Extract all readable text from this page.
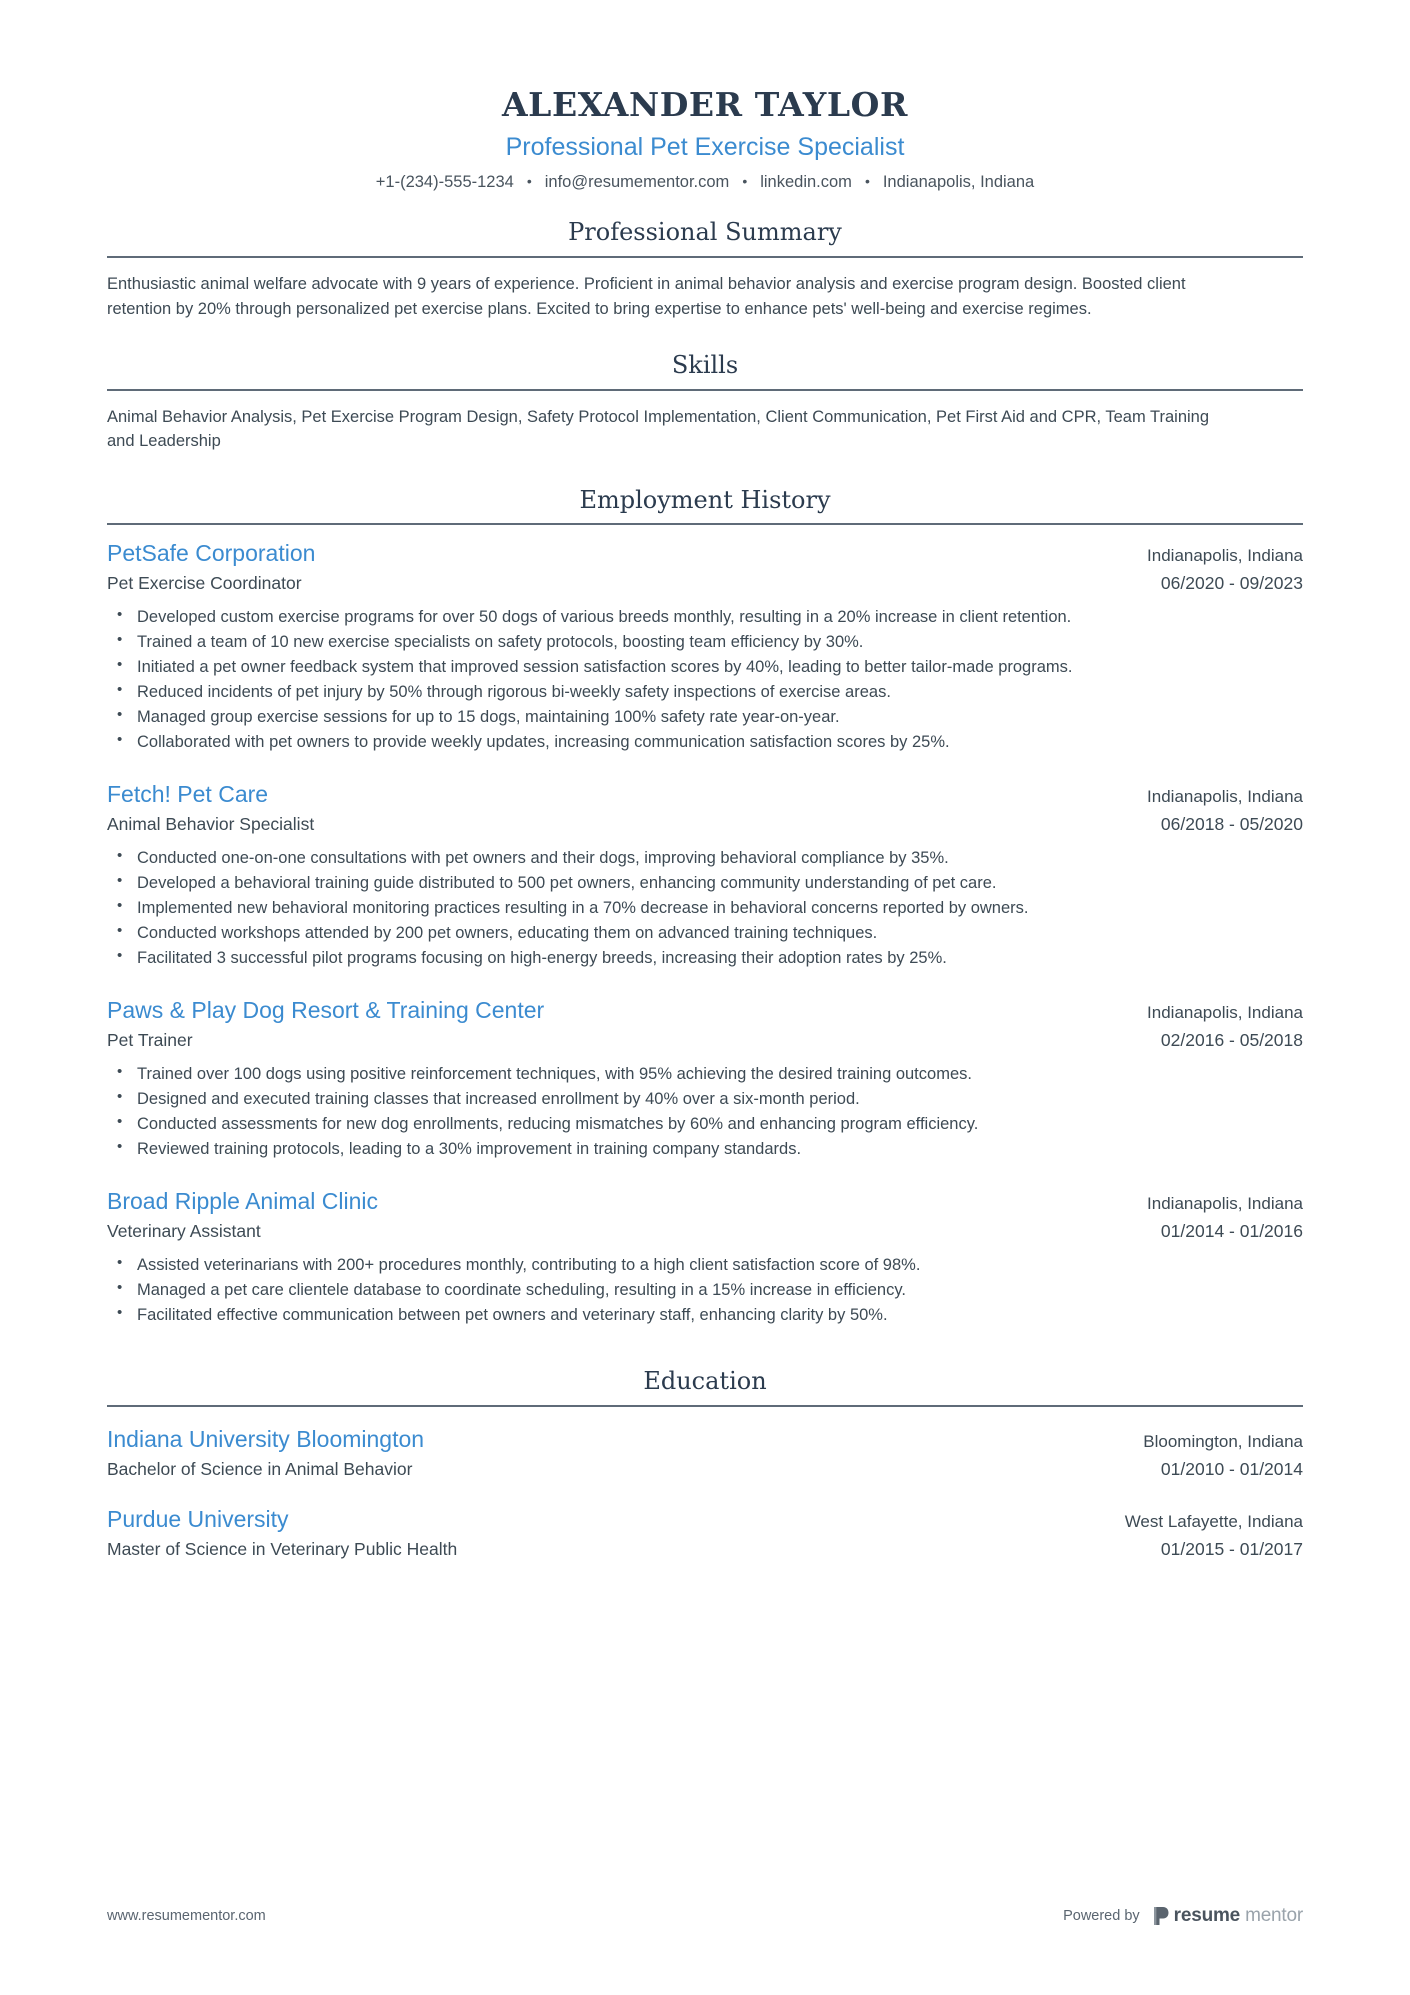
ALEXANDER TAYLOR
Professional Pet Exercise Specialist
+1-(234)-555-1234 • info@resumementor.com • linkedin.com • Indianapolis, Indiana
Professional Summary
Enthusiastic animal welfare advocate with 9 years of experience. Proficient in animal behavior analysis and exercise program design. Boosted client retention by 20% through personalized pet exercise plans. Excited to bring expertise to enhance pets' well-being and exercise regimes.
Skills
Animal Behavior Analysis, Pet Exercise Program Design, Safety Protocol Implementation, Client Communication, Pet First Aid and CPR, Team Training and Leadership
Employment History
PetSafe Corporation	Indianapolis, Indiana
Pet Exercise Coordinator	06/2020 - 09/2023
• Developed custom exercise programs for over 50 dogs of various breeds monthly, resulting in a 20% increase in client retention.
• Trained a team of 10 new exercise specialists on safety protocols, boosting team efficiency by 30%.
• Initiated a pet owner feedback system that improved session satisfaction scores by 40%, leading to better tailor-made programs.
• Reduced incidents of pet injury by 50% through rigorous bi-weekly safety inspections of exercise areas.
• Managed group exercise sessions for up to 15 dogs, maintaining 100% safety rate year-on-year.
• Collaborated with pet owners to provide weekly updates, increasing communication satisfaction scores by 25%.
Fetch! Pet Care	Indianapolis, Indiana
Animal Behavior Specialist	06/2018 - 05/2020
• Conducted one-on-one consultations with pet owners and their dogs, improving behavioral compliance by 35%.
• Developed a behavioral training guide distributed to 500 pet owners, enhancing community understanding of pet care.
• Implemented new behavioral monitoring practices resulting in a 70% decrease in behavioral concerns reported by owners.
• Conducted workshops attended by 200 pet owners, educating them on advanced training techniques.
• Facilitated 3 successful pilot programs focusing on high-energy breeds, increasing their adoption rates by 25%.
Paws & Play Dog Resort & Training Center	Indianapolis, Indiana
Pet Trainer	02/2016 - 05/2018
• Trained over 100 dogs using positive reinforcement techniques, with 95% achieving the desired training outcomes.
• Designed and executed training classes that increased enrollment by 40% over a six-month period.
• Conducted assessments for new dog enrollments, reducing mismatches by 60% and enhancing program efficiency.
• Reviewed training protocols, leading to a 30% improvement in training company standards.
Broad Ripple Animal Clinic	Indianapolis, Indiana
Veterinary Assistant	01/2014 - 01/2016
• Assisted veterinarians with 200+ procedures monthly, contributing to a high client satisfaction score of 98%.
• Managed a pet care clientele database to coordinate scheduling, resulting in a 15% increase in efficiency.
• Facilitated effective communication between pet owners and veterinary staff, enhancing clarity by 50%.
Education
Indiana University Bloomington	Bloomington, Indiana
Bachelor of Science in Animal Behavior	01/2010 - 01/2014
Purdue University	West Lafayette, Indiana
Master of Science in Veterinary Public Health	01/2015 - 01/2017
www.resumementor.com	Powered by resume mentor
